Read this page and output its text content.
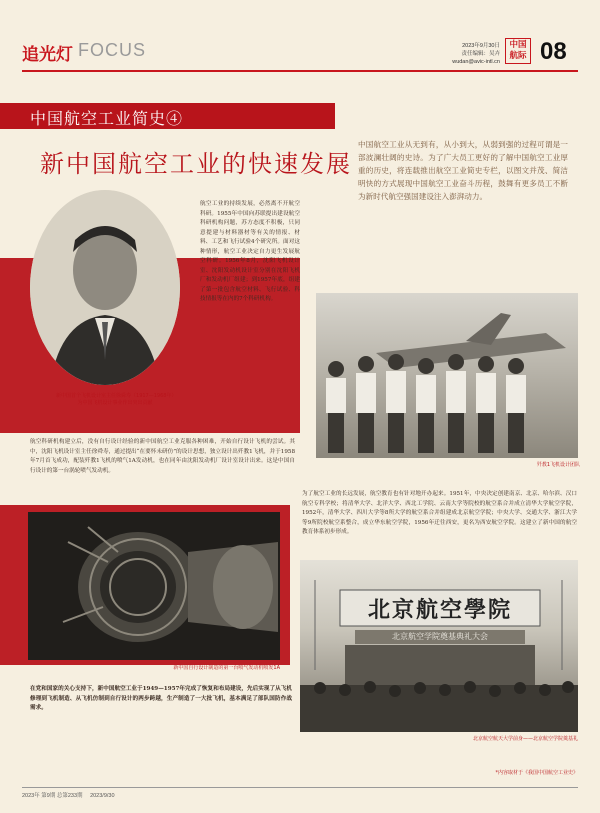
追光灯 FOCUS	2023年9月30日
责任编辑：吴卉
wudan@avic-intl.cn
中国
航际 08
中国航空工业简史④
新中国航空工业的快速发展
中国航空工业从无到有，从小到大，从弱到强的过程可谓是一部波澜壮阔的史诗。为了广大员工更好的了解中国航空工业厚重的历史，将连载推出航空工业简史专栏，以图文并茂、简洁明快的方式展现中国航空工业奋斗历程，鼓舞有更多员工不断为新时代航空强国建设注入澎湃动力。
新中国首个飞机设计室主任徐舜寿（1917—1968年）为中国飞机设计事业作出突出贡献
航空工业的持续发展，必然离不开航空科研。1955年中国向苏联提出建设航空科研机构问题，苏方态度不积极，只同意提建与材料器材等有关的情报、材料、工艺和飞行试验4个研究所。面对这种情形，航空工业决定自力更生发展航空科研。1956年8月，沈阳飞机设计室、沈阳发动机设计室分别在沈阳飞机厂和发动机厂组建；到1957年底，组建了第一批包含航空材料、飞行试验、科技情报等在内的7个科研机构。
歼教1飞机设计团队
航空科研机构建立后，没有自行设计经验的新中国航空工业克服各种困难，开始自行设计飞机的尝试。其中，沈阳飞机设计室主任徐舜寿，通过提出“在要怀未研仿”的设计思想，独立设计出歼教1飞机，并于1958年7月首飞成功，配装歼教1飞机的喷气1A发动机，也在同年由沈阳发动机厂设计室设计出来。这是中国自行设计的第一台涡轮喷气发动机。
为了航空工业的长远发展，航空教育也有针对地开办起来。1951年，中央决定创建南京、北京、哈尔滨、汉口航空专科学校；将清华大学、北洋大学、西北工学院、云南大学等院校的航空系合并成立清华大学航空学院，1952年，清华大学、四川大学等8所大学的航空系合并组建成北京航空学院；中央大学、交通大学、浙江大学等9所院校航空系整合，成立华东航空学院，1956年迁往西安，更名为西安航空学院。这建立了新中国的航空教育体系初步形成。
新中国自行设计制造的第一台喷气发动机喷发1A
北京航空學院
北京航空学院奠基典礼大会
北京航空航天大学前身——北京航空学院奠基礼
在党和国家的关心支持下，新中国航空工业于1949—1957年完成了恢复和布局建设，先后实现了从飞机修理到飞机制造、从飞机仿制到自行设计的两步跨越，生产制造了一大批飞机，基本满足了部队国防作战需求。
*内容取材于《我国中国航空工业史》
2023年 第9期 总第233期 2023/9/30
